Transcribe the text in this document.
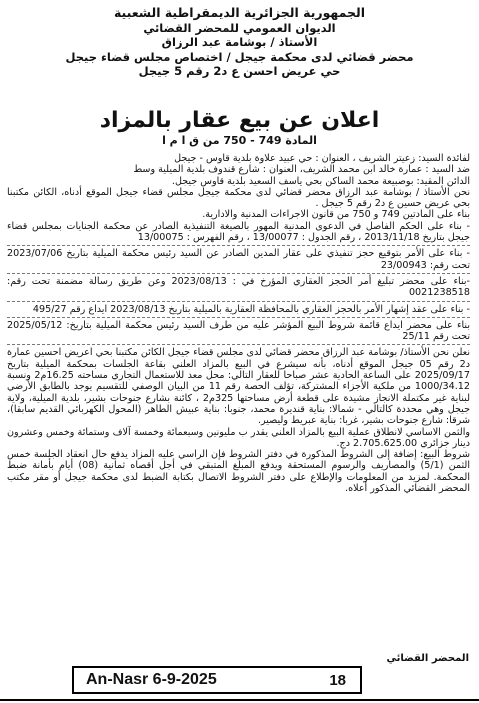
الجمهورية الجزائرية الديمقراطية الشعبية
الديوان العمومي للمحضر القضائي
الأستاذ / بوشامة عبد الرزاق
محضر قضائي لدى محكمة جيجل / اختصاص مجلس قضاء جيجل
حي عريض احسن ع د2 رقم 5 جيجل
اعلان عن بيع عقار بالمزاد
المادة 749 - 750 من ق ا م ا

لفائدة السيد: زعيتر الشريف ، العنوان : حي عبيد علاوة بلدية قاوس - جيجل

ضد السيد : عمارة خالد ابن محمد الشريف، العنوان : شارع قندوف بلدية الميلية وسط

الدائن المقيد: بوصبيعة محمد الساكن بحي ياسف السعيد بلدية قاوس جيجل.

نحن الأستاذ / بوشامة عبد الرزاق محضر قضائي لدى محكمة جيجل مجلس قضاء جيجل الموقع أدناه، الكائن مكتبنا بحي عريض حسين ع د2 رقم 5 جيجل .

بناء على المادتين 749 و 750 من قانون الاجراءات المدنية والادارية.

- بناء على الحكم الفاصل في الدعوى المدنية المهور بالصيغة التنفيذية الصادر عن محكمة الجنايات بمجلس قضاء جيجل بتاريخ 2013/11/18 ، رقم الجدول : 13/00077 ، رقم الفهرس : 13/00075

- بناء على الأمر بتوقيع حجز تنفيذي على عقار المدين الصادر عن السيد رئيس محكمة الميلية بتاريخ 2023/07/06 تحت رقم: 23/00943

-بناء على محضر تبليغ أمر الحجز العقاري المؤرخ في : 2023/08/13 وعن طريق رسالة مضمنة تحت رقم: 0021238518

- بناء على عقد إشهار الأمر بالحجز العقاري بالمحافظة العقارية بالميلية بتاريخ 2023/08/13 ايداع رقم 495/27

بناء على محضر ايداع قائمة شروط البيع المؤشر عليه من طرف السيد رئيس محكمة الميلية بتاريخ: 2025/05/12 تحت رقم 25/11

نعلن نحن الأستاذ/ بوشامة عبد الرزاق محضر قضائي لدى مجلس قضاء جيجل الكائن مكتبنا بحي اعريض احسين عمارة د2 رقم 05 جيجل الموقع أدناه، بأنه سيشرع في البيع بالمزاد العلني بقاعة الجلسات بمحكمة الميلية بتاريخ 2025/09/17 على الساعة الحادية عشر صباحا للعقار التالي: محل معد للاستعمال التجاري مساحته 16.25م2 ونسبة 1000/34.12 من ملكية الأجزاء المشتركة، تؤلف الحصة رقم 11 من البيان الوصفي للتقسيم يوجد بالطابق الأرضي لبناية غير مكتملة الانجاز مشيدة على قطعة أرض مساحتها 325م2 ، كائنة بشارع جنوحات بشير، بلدية الميلية، ولاية جيجل وهي محددة كالتالي - شمالا: بناية قنديرة محمد، جنوبا: بناية عبيش الطاهر (المحول الكهربائي القديم سابقا)، شرقا: شارع جنوحات بشير، غربا: بناية عبريط وليصير.

والثمن الاساسي لانطلاق عملية البيع بالمزاد العلني يقدر ب مليونين وسبعمائة وخمسة آلاف وستمائة وخمس وعشرون دينار جزائري 2.705.625.00 دج.

شروط البيع: إضافة إلى الشروط المذكورة في دفتر الشروط فإن الراسي عليه المزاد يدفع حال انعقاد الجلسة خمس الثمن (5/1) والمصاريف والرسوم المستحقة ويدفع المبلغ المتبقي في أجل أقصاه ثمانية (08) أيام بأمانة ضبط المحكمة. لمزيد من المعلومات والإطلاع على دفتر الشروط الاتصال بكتابة الضبط لدى محكمة جيجل أو مقر مكتب المحضر القضائي المذكور أعلاه.

المحضر القضائي
An-Nasr 6-9-2025	18
